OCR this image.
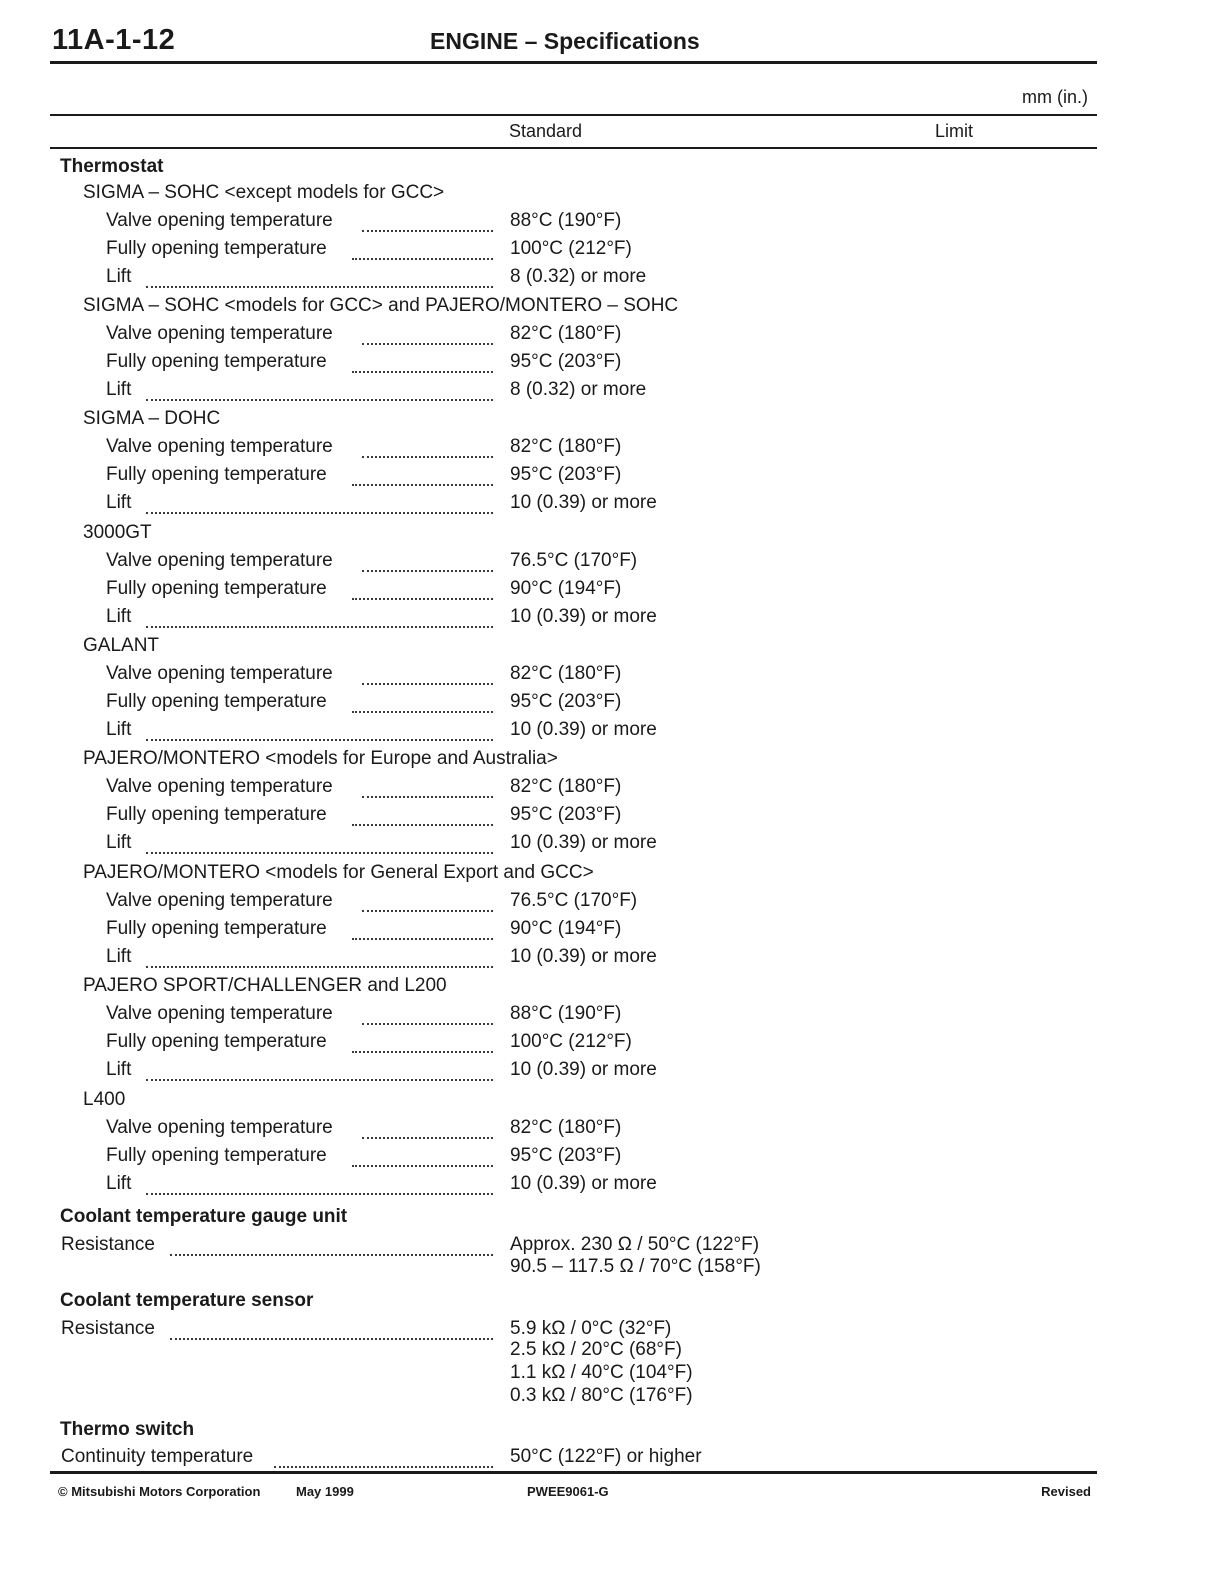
11A-1-12	ENGINE – Specifications
mm (in.)
Standard	Limit
Thermostat
SIGMA – SOHC <except models for GCC>
Valve opening temperature	88°C (190°F)
Fully opening temperature	100°C (212°F)
Lift	8 (0.32) or more
SIGMA – SOHC <models for GCC> and PAJERO/MONTERO – SOHC
Valve opening temperature	82°C (180°F)
Fully opening temperature	95°C (203°F)
Lift	8 (0.32) or more
SIGMA – DOHC
Valve opening temperature	82°C (180°F)
Fully opening temperature	95°C (203°F)
Lift	10 (0.39) or more
3000GT
Valve opening temperature	76.5°C (170°F)
Fully opening temperature	90°C (194°F)
Lift	10 (0.39) or more
GALANT
Valve opening temperature	82°C (180°F)
Fully opening temperature	95°C (203°F)
Lift	10 (0.39) or more
PAJERO/MONTERO <models for Europe and Australia>
Valve opening temperature	82°C (180°F)
Fully opening temperature	95°C (203°F)
Lift	10 (0.39) or more
PAJERO/MONTERO <models for General Export and GCC>
Valve opening temperature	76.5°C (170°F)
Fully opening temperature	90°C (194°F)
Lift	10 (0.39) or more
PAJERO SPORT/CHALLENGER and L200
Valve opening temperature	88°C (190°F)
Fully opening temperature	100°C (212°F)
Lift	10 (0.39) or more
L400
Valve opening temperature	82°C (180°F)
Fully opening temperature	95°C (203°F)
Lift	10 (0.39) or more
Coolant temperature gauge unit
Resistance	Approx. 230 Ω / 50°C (122°F)
90.5 – 117.5 Ω / 70°C (158°F)
Coolant temperature sensor
Resistance	5.9 kΩ / 0°C (32°F)
2.5 kΩ / 20°C (68°F)
1.1 kΩ / 40°C (104°F)
0.3 kΩ / 80°C (176°F)
Thermo switch
Continuity temperature	50°C (122°F) or higher
© Mitsubishi Motors Corporation	May 1999	PWEE9061-G	Revised
